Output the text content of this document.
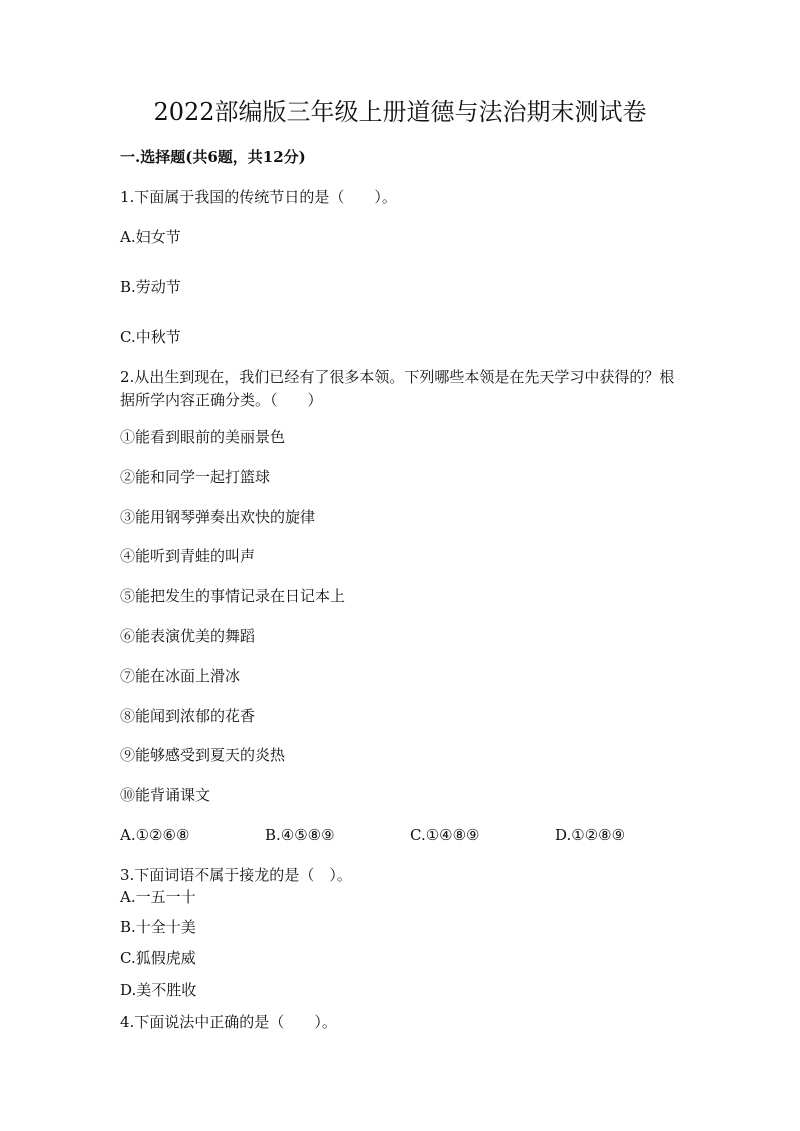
2022部编版三年级上册道德与法治期末测试卷
一.选择题(共6题，共12分)
1.下面属于我国的传统节日的是（　　）。
A.妇女节
B.劳动节
C.中秋节
2.从出生到现在，我们已经有了很多本领。下列哪些本领是在先天学习中获得的？根据所学内容正确分类。（　　）
①能看到眼前的美丽景色
②能和同学一起打篮球
③能用钢琴弹奏出欢快的旋律
④能听到青蛙的叫声
⑤能把发生的事情记录在日记本上
⑥能表演优美的舞蹈
⑦能在冰面上滑冰
⑧能闻到浓郁的花香
⑨能够感受到夏天的炎热
⑩能背诵课文
A.①②⑥⑧	B.④⑤⑧⑨	C.①④⑧⑨	D.①②⑧⑨
3.下面词语不属于接龙的是（　）。
A.一五一十
B.十全十美
C.狐假虎威
D.美不胜收
4.下面说法中正确的是（　　）。
